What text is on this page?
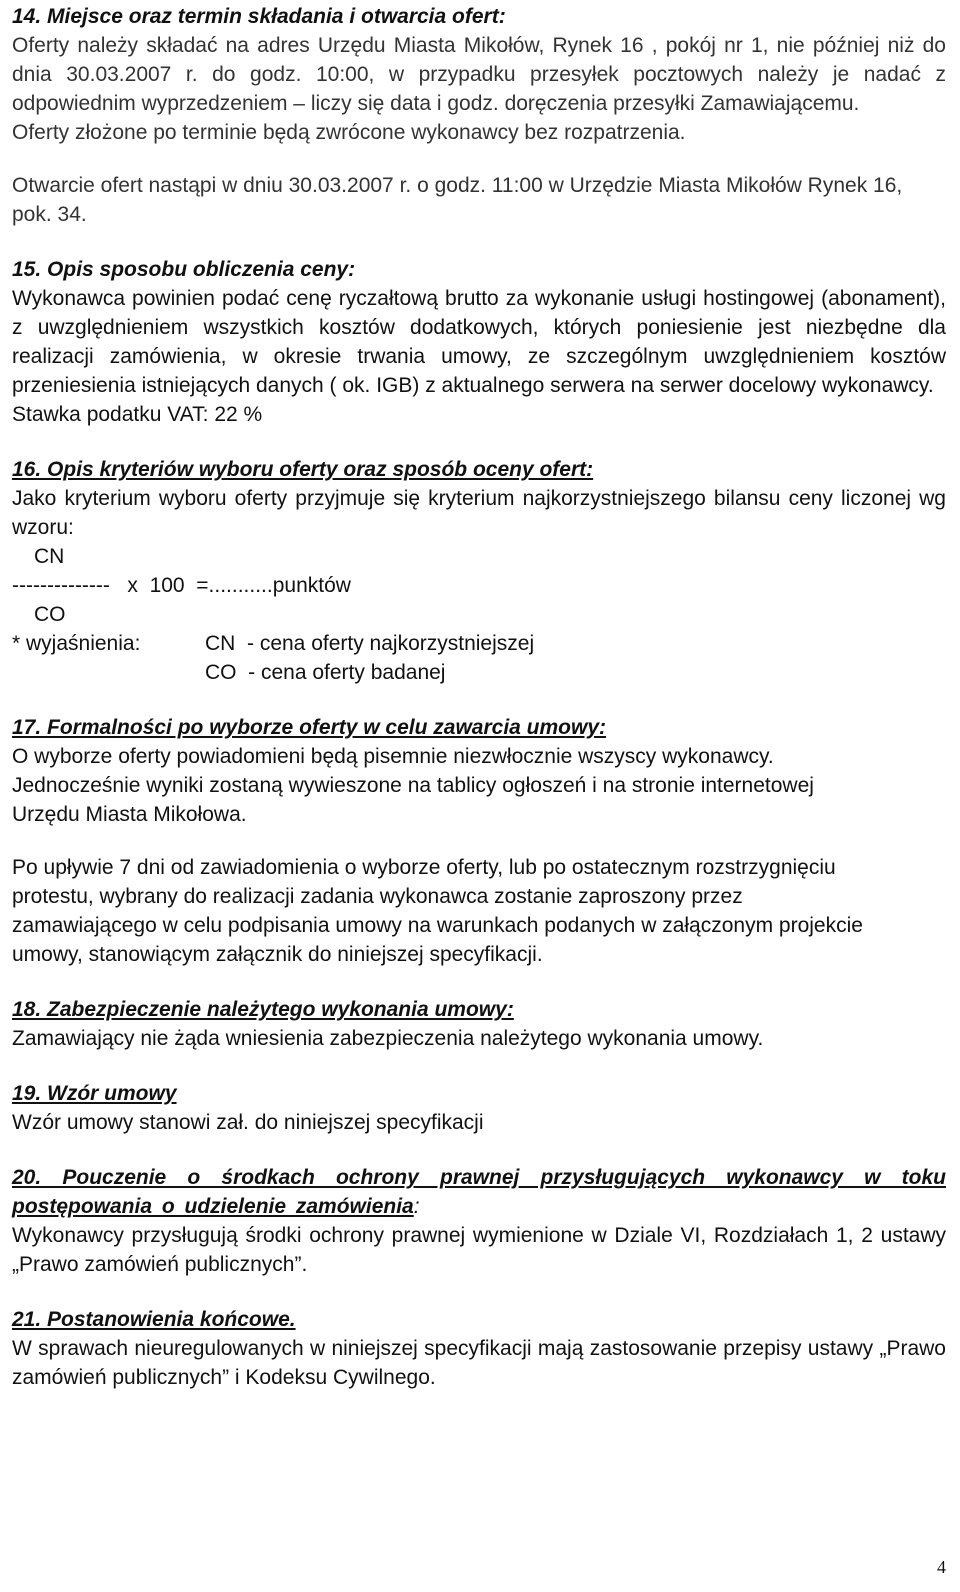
14. Miejsce oraz termin składania i otwarcia ofert:
Oferty należy składać na adres Urzędu Miasta Mikołów, Rynek 16 , pokój nr 1, nie później niż do dnia 30.03.2007 r. do godz. 10:00, w przypadku przesyłek pocztowych należy je nadać z odpowiednim wyprzedzeniem – liczy się data i godz. doręczenia przesyłki Zamawiającemu.
Oferty złożone po terminie będą zwrócone wykonawcy bez rozpatrzenia.
Otwarcie ofert nastąpi w dniu 30.03.2007 r. o godz. 11:00 w Urzędzie Miasta Mikołów Rynek 16, pok. 34.
15. Opis sposobu obliczenia ceny:
Wykonawca powinien podać cenę ryczałtową brutto za wykonanie usługi hostingowej (abonament), z uwzględnieniem wszystkich kosztów dodatkowych, których poniesienie jest niezbędne dla realizacji zamówienia, w okresie trwania umowy, ze szczególnym uwzględnieniem kosztów przeniesienia istniejących danych ( ok. IGB) z aktualnego serwera na serwer docelowy wykonawcy.
Stawka podatku VAT: 22 %
16. Opis kryteriów wyboru oferty oraz sposób oceny ofert:
Jako kryterium wyboru oferty przyjmuje się kryterium najkorzystniejszego bilansu ceny liczonej wg wzoru:
CN
--------------   x  100  =...........punktów
CO
* wyjaśnienia:	CN  - cena oferty najkorzystniejszej
CO  - cena oferty badanej
17. Formalności po wyborze oferty w celu zawarcia umowy:
O wyborze oferty powiadomieni będą pisemnie niezwłocznie wszyscy wykonawcy.
Jednocześnie wyniki zostaną wywieszone na tablicy ogłoszeń i na stronie internetowej Urzędu Miasta Mikołowa.
Po upływie 7 dni od zawiadomienia o wyborze oferty, lub po ostatecznym rozstrzygnięciu protestu, wybrany do realizacji zadania wykonawca zostanie zaproszony przez zamawiającego w celu podpisania umowy na warunkach podanych w załączonym projekcie umowy, stanowiącym załącznik do niniejszej specyfikacji.
18. Zabezpieczenie należytego wykonania umowy:
Zamawiający nie żąda wniesienia zabezpieczenia należytego wykonania umowy.
19. Wzór umowy
Wzór umowy stanowi zał. do niniejszej specyfikacji
20. Pouczenie o środkach ochrony prawnej przysługujących wykonawcy w toku postępowania o udzielenie zamówienia:
Wykonawcy przysługują środki ochrony prawnej wymienione w Dziale VI, Rozdziałach 1, 2 ustawy „Prawo zamówień publicznych”.
21. Postanowienia końcowe.
W sprawach nieuregulowanych w niniejszej specyfikacji mają zastosowanie przepisy ustawy „Prawo zamówień publicznych” i Kodeksu Cywilnego.
4
